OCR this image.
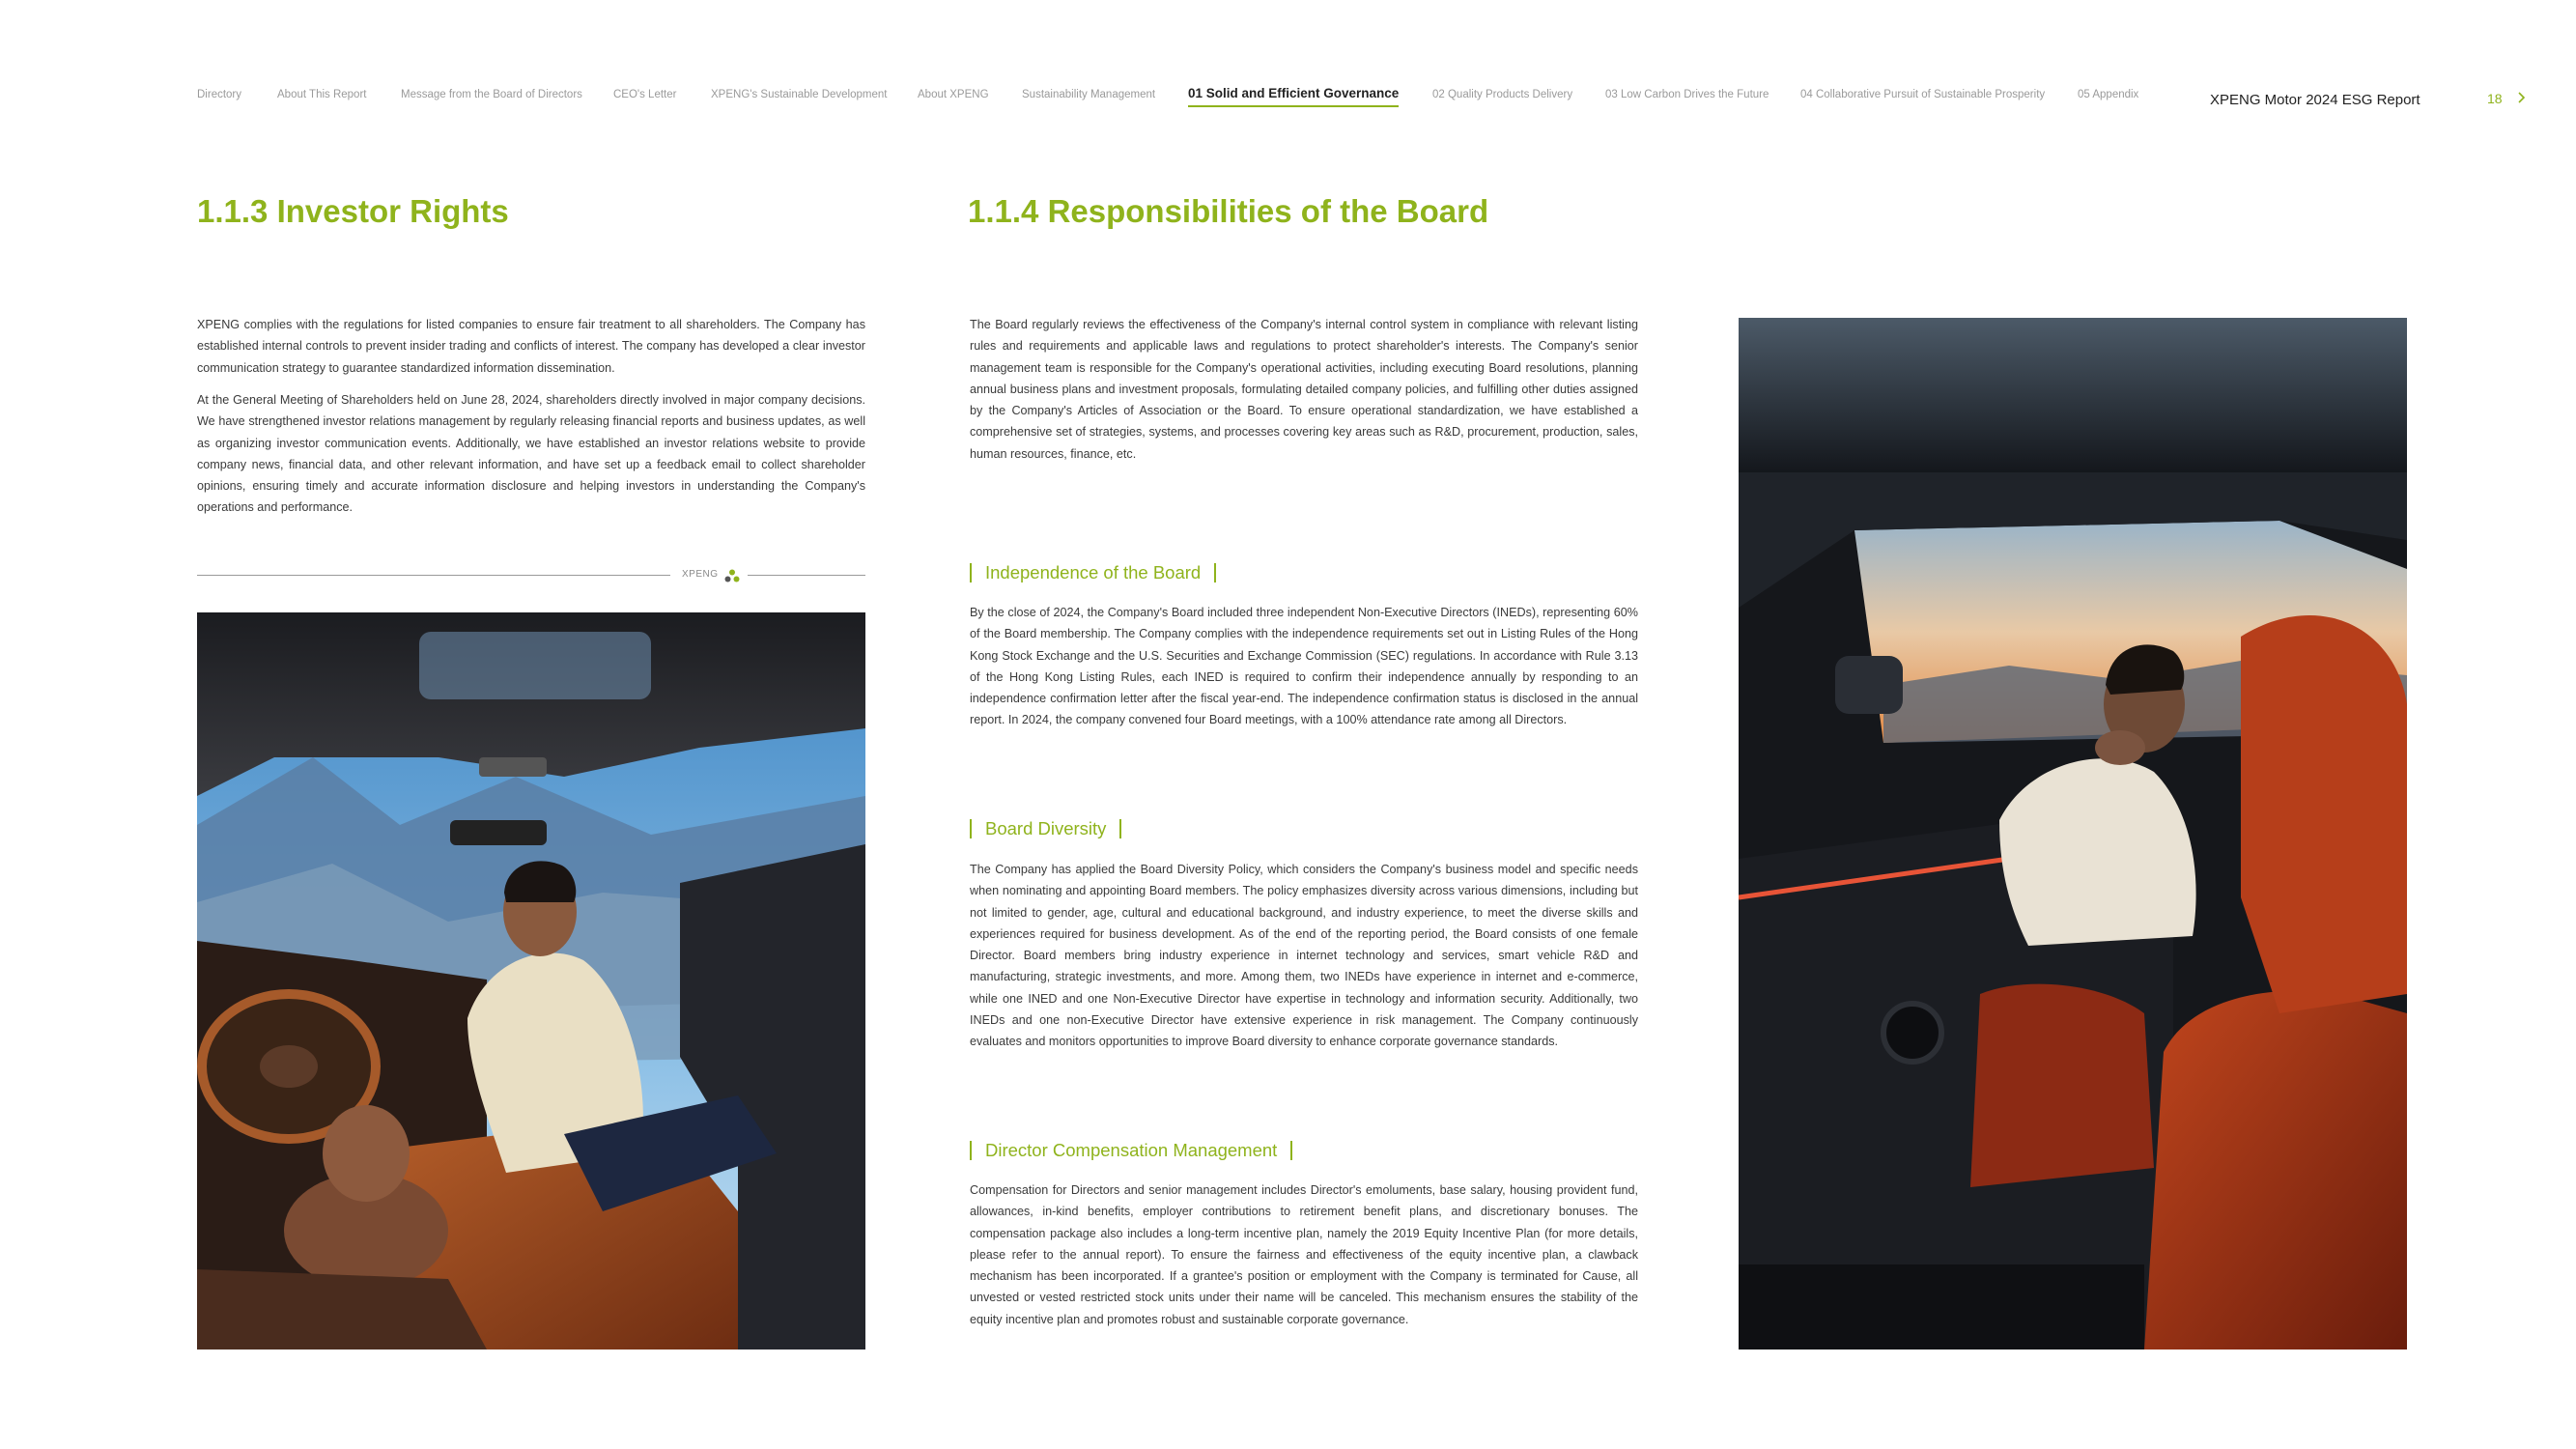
Directory	About This Report	Message from the Board of Directors	CEO's Letter	XPENG's Sustainable Development	About XPENG	Sustainability Management	01 Solid and Efficient Governance	02 Quality Products Delivery	03 Low Carbon Drives the Future	04 Collaborative Pursuit of Sustainable Prosperity	05 Appendix	XPENG Motor 2024 ESG Report	18
1.1.3 Investor Rights

XPENG complies with the regulations for listed companies to ensure fair treatment to all shareholders. The Company has established internal controls to prevent insider trading and conflicts of interest. The company has developed a clear investor communication strategy to guarantee standardized information dissemination.

At the General Meeting of Shareholders held on June 28, 2024, shareholders directly involved in major company decisions. We have strengthened investor relations management by regularly releasing financial reports and business updates, as well as organizing investor communication events. Additionally, we have established an investor relations website to provide company news, financial data, and other relevant information, and have set up a feedback email to collect shareholder opinions, ensuring timely and accurate information disclosure and helping investors in understanding the Company's operations and performance.

XPENG
1.1.4 Responsibilities of the Board

The Board regularly reviews the effectiveness of the Company's internal control system in compliance with relevant listing rules and requirements and applicable laws and regulations to protect shareholder's interests. The Company's senior management team is responsible for the Company's operational activities, including executing Board resolutions, planning annual business plans and investment proposals, formulating detailed company policies, and fulfilling other duties assigned by the Company's Articles of Association or the Board. To ensure operational standardization, we have established a comprehensive set of strategies, systems, and processes covering key areas such as R&D, procurement, production, sales, human resources, finance, etc.

Independence of the Board

By the close of 2024, the Company's Board included three independent Non-Executive Directors (INEDs), representing 60% of the Board membership. The Company complies with the independence requirements set out in Listing Rules of the Hong Kong Stock Exchange and the U.S. Securities and Exchange Commission (SEC) regulations. In accordance with Rule 3.13 of the Hong Kong Listing Rules, each INED is required to confirm their independence annually by responding to an independence confirmation letter after the fiscal year-end. The independence confirmation status is disclosed in the annual report. In 2024, the company convened four Board meetings, with a 100% attendance rate among all Directors.

Board Diversity

The Company has applied the Board Diversity Policy, which considers the Company's business model and specific needs when nominating and appointing Board members. The policy emphasizes diversity across various dimensions, including but not limited to gender, age, cultural and educational background, and industry experience, to meet the diverse skills and experiences required for business development. As of the end of the reporting period, the Board consists of one female Director. Board members bring industry experience in internet technology and services, smart vehicle R&D and manufacturing, strategic investments, and more. Among them, two INEDs have experience in internet and e-commerce, while one INED and one Non-Executive Director have expertise in technology and information security. Additionally, two INEDs and one non-Executive Director have extensive experience in risk management. The Company continuously evaluates and monitors opportunities to improve Board diversity to enhance corporate governance standards.

Director Compensation Management

Compensation for Directors and senior management includes Director's emoluments, base salary, housing provident fund, allowances, in-kind benefits, employer contributions to retirement benefit plans, and discretionary bonuses. The compensation package also includes a long-term incentive plan, namely the 2019 Equity Incentive Plan (for more details, please refer to the annual report). To ensure the fairness and effectiveness of the equity incentive plan, a clawback mechanism has been incorporated. If a grantee's position or employment with the Company is terminated for Cause, all unvested or vested restricted stock units under their name will be canceled. This mechanism ensures the stability of the equity incentive plan and promotes robust and sustainable corporate governance.
